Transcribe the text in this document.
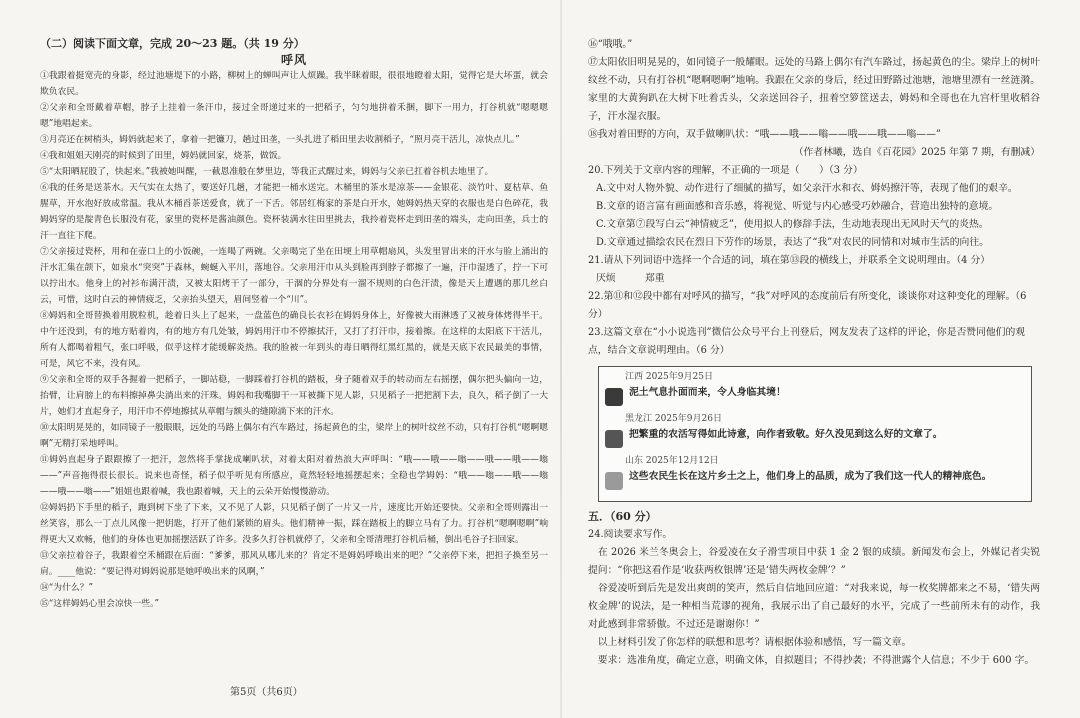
（二）阅读下面文章，完成 20～23 题。（共 19 分）

呼风

①我跟着挺宽壳的身影，经过池塘堤下的小路，柳树上的蝉叫声让人烦躁。我半眯着眼，很很地瞪着太阳，觉得它是大坏蛋，就会欺负农民。

②父亲和全哥戴着草帽，脖子上挂着一条汗巾，接过全哥递过来的一把稻子，匀匀地拼着禾捆，脚下一用力，打谷机就“嗯嗯嗯嗯”地唱起来。

③月亮还在树梢头，姆妈就起来了，拿着一把镰刀，趟过田垄，一头扎进了稻田里去收割稻子，“照月亮干活儿，凉快点儿。”

④我和姐姐天刚亮的时候到了田里，姆妈就回家，烧茶，做饭。

⑤“太阳晒屁股了，快起来。”我被她叫醒，一截恩准般在梦里边，等我正式醒过来，姆妈与父亲已扛着谷机去地里了。

⑥我的任务是送茶水。天气实在太热了，要送好几趟，才能把一桶水送完。木桶里的茶水是凉茶——金银花、淡竹叶、夏枯草、鱼腥草，开水泡好放成常温。我从木桶舀茶送爱食，就了一下舌。邻居红梅家的茶是白开水，她姆妈热天穿的衣服也是白色碎花，我姆妈穿的是靛青色长服没有花，家里的瓷杯是酱油颜色。瓷杯装满水往田里挑去，我拎着瓷杯走到田垄的端头，走向田垄，兵士的汗一直往下爬。

⑦父亲接过瓷杯，用和在壶口上的小饭碗，一连喝了两碗。父亲喝完了坐在田埂上用草帽扇风，头发里冒出来的汗水与脸上涌出的汗水汇集在颌下，如泉水“突突”于森林，蜿蜒入平川，落地谷。父亲用汗巾从头到脸再到脖子都擦了一遍，汗巾湿透了，拧一下可以拧出水。他身上的衬衫布满汗渍，又被太阳烤干了一部分，干涸的分界处有一溜不规则的白色汗渍，像是天上遭遇的那几丝白云，可惜，这时白云的神情疲乏，父亲抬头望天，眉间竖着一个“川”。

⑧姆妈和全哥替换着用脱粒机，趁着日头上了起来，一盘蓝色的确良长衣衫在姆妈身体上，好像被大雨淋透了又被身体烤得半干。中午还没到，有的地方贴着肉，有的地方有几处皱，姆妈用汗巾不停擦拭汗，又打了打汗巾，接着擦。在这样的太阳底下干活儿，所有人都喝着粗气，张口呼吸，似乎这样才能缓解炎热。我的脸被一年到头的毒日晒得红黑红黑的，就是天底下农民最美的事情，可是，风它不来，没有风。

⑨父亲和全哥的双手各握着一把稻子，一脚站稳，一脚踩着打谷机的踏板，身子随着双手的转动而左右摇摆，偶尔把头偏向一边，抬臂，让肩膀上的布料擦掉鼻尖淌出来的汗珠。姆妈和我嘴脚干一耳被撕下见人影，只见稻子一把把割下去，良久，稻子倒了一大片，她们才直起身子，用汗巾不停地擦拭从草帽与额头的缝隙淌下来的汗水。

⑩太阳明晃晃的，如同镜子一般眼眼，远处的马路上偶尔有汽车路过，扬起黄色的尘，梁岸上的树叶纹丝不动，只有打谷机“嗯啊嗯啊”无精打采地呼叫。

⑪姆妈直起身子跟跟擦了一把汗，忽然将手掌拢成喇叭状，对着太阳对着热浪大声呼叫：“哦——哦——嗡——哦——哦——嗡——”声音拖得很长很长。说来也奇怪，稻子似乎听见有所感应，竟然轻轻地摇摆起来；全稳也学姆妈：“哦——嗡——哦——嗡——哦——嗡——”姐姐也跟着喊，我也跟着喊，天上的云朵开始慢慢游动。

⑫姆妈扔下手里的稻子，跑到树下坐了下来，又不见了人影，只见稻子倒了一片又一片，速度比开始还要快。父亲和全哥则露出一丝笑容，那么一丁点儿风像一把钥匙，打开了他们紧锁的眉头。他们精神一振，踩在踏板上的脚立马有了力。打谷机“嗯啊嗯啊”响得更大又欢畅，他们的身体也更加摇摆活跃了许多。没多久打谷机就停了，父亲和全哥清理打谷机后桶，倒出毛谷子扫回家。

⑬父亲拉着谷子，我跟着空禾桶跟在后面：“爹爹，那风从哪儿来的？肯定不是姆妈呼唤出来的吧？”父亲停下来，把担子换至另一肩。____他说：“要记得对姆妈说那是她呼唤出来的风啊，”

⑭“为什么？”

⑮“这样姆妈心里会凉快一些。”

第5页（共6页）

⑯“哦哦。”

⑰太阳依旧明晃晃的，如同镜子一般耀眼。远处的马路上偶尔有汽车路过，扬起黄色的尘。梁岸上的树叶纹丝不动，只有打谷机“嗯啊嗯啊”地响。我跟在父亲的身后，经过田野路过池塘，池塘里漂有一丝涟漪。家里的大黄狗趴在大树下吐着舌头，父亲送回谷子，扭着空箩筐送去，姆妈和全哥也在九宫杆里收稻谷子，汗水湿衣服。

⑱我对着田野的方向，双手做喇叭状：“哦——哦——嗡——哦——哦——嗡——”

（作者林曦，选自《百花园》2025 年第 7 期，有删减）

20.下列关于文章内容的理解，不正确的一项是（　　）（3 分）

A.文中对人物外貌、动作进行了细腻的描写，如父亲汗水和衣、姆妈擦汗等，表现了他们的艰辛。

B.文章的语言富有画面感和音乐感，将视觉、听觉与内心感受巧妙融合，营造出独特的意境。

C.文章第⑦段写白云“神情疲乏”，使用拟人的修辞手法，生动地表现出无风时天气的炎热。

D.文章通过描绘农民在烈日下劳作的场景，表达了“我”对农民的同情和对城市生活的向往。

21.请从下列词语中选择一个合适的词，填在第⑬段的横线上，并联系全文说明理由。（4 分）

厌烦　　　郑重

22.第⑪和⑫段中都有对呼风的描写，“我”对呼风的态度前后有所变化，谈谈你对这种变化的理解。（6 分）

23.这篇文章在“小小说选刊”微信公众号平台上刊登后，网友发表了这样的评论，你是否赞同他们的观点，结合文章说明理由。（6 分）

江西 2025年9月25日

泥土气息扑面而来，令人身临其境！

黑龙江 2025年9月26日

把繁重的农活写得如此诗意，向作者致敬。好久没见到这么好的文章了。

山东 2025年12月12日

这些农民生长在这片乡土之上，他们身上的品质，成为了我们这一代人的精神底色。

五．（60 分）

24.阅读要求写作。

　在 2026 米兰冬奥会上，谷爱凌在女子滑雪项目中获 1 金 2 银的成绩。新闻发布会上，外媒记者尖锐提问：“你把这看作是‘收获两枚银牌’还是‘错失两枚金牌’？”

　谷爱凌听到后先是发出爽朗的笑声，然后自信地回应道：“对我来说，每一枚奖牌都来之不易，‘错失两枚金牌’的说法，是一种相当荒谬的视角，我展示出了自己最好的水平，完成了一些前所未有的动作，我对此感到非常骄傲。不过还是谢谢你！”

　以上材料引发了你怎样的联想和思考？请根据体验和感悟，写一篇文章。

　要求：选准角度，确定立意，明确文体，自拟题目；不得抄袭；不得泄露个人信息；不少于 600 字。
